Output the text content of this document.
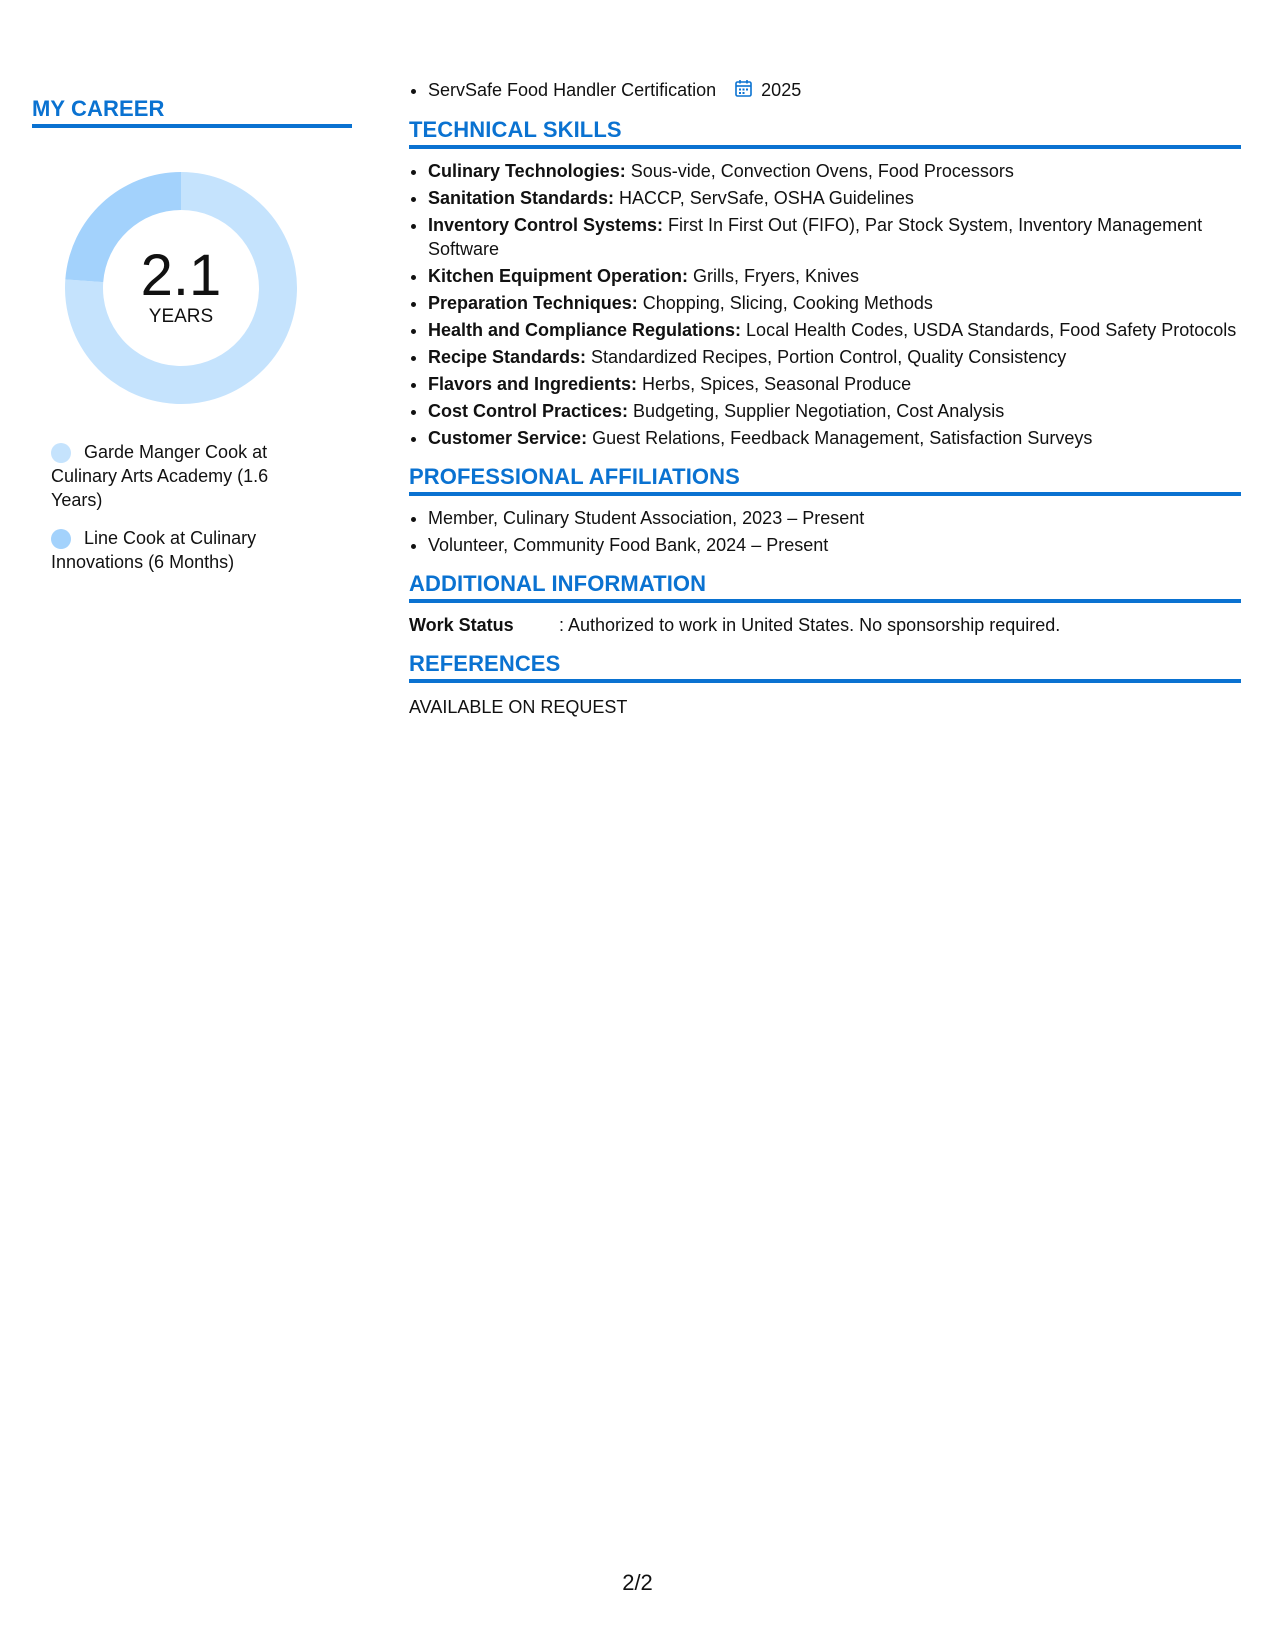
MY CAREER
2.1
YEARS
Garde Manger Cook at Culinary Arts Academy (1.6 Years)
Line Cook at Culinary Innovations (6 Months)
• ServSafe Food Handler Certification	2025
TECHNICAL SKILLS
• Culinary Technologies: Sous-vide, Convection Ovens, Food Processors
• Sanitation Standards: HACCP, ServSafe, OSHA Guidelines
• Inventory Control Systems: First In First Out (FIFO), Par Stock System, Inventory Management Software
• Kitchen Equipment Operation: Grills, Fryers, Knives
• Preparation Techniques: Chopping, Slicing, Cooking Methods
• Health and Compliance Regulations: Local Health Codes, USDA Standards, Food Safety Protocols
• Recipe Standards: Standardized Recipes, Portion Control, Quality Consistency
• Flavors and Ingredients: Herbs, Spices, Seasonal Produce
• Cost Control Practices: Budgeting, Supplier Negotiation, Cost Analysis
• Customer Service: Guest Relations, Feedback Management, Satisfaction Surveys
PROFESSIONAL AFFILIATIONS
• Member, Culinary Student Association, 2023 – Present
• Volunteer, Community Food Bank, 2024 – Present
ADDITIONAL INFORMATION
Work Status	: Authorized to work in United States. No sponsorship required.
REFERENCES
AVAILABLE ON REQUEST
2/2
